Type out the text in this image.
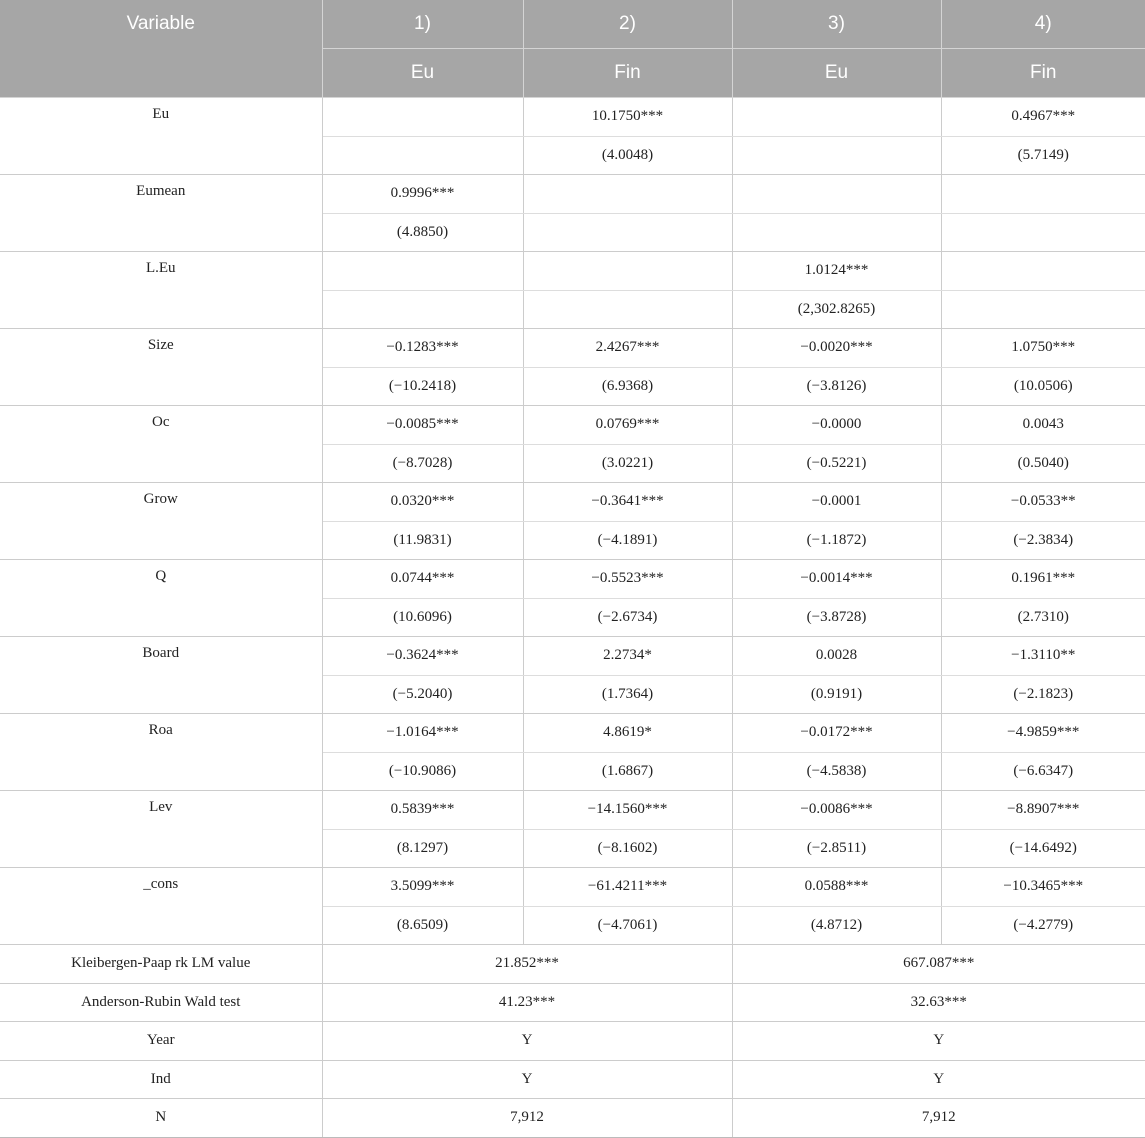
Variable	1)	2)	3)	4)
	Eu	Fin	Eu	Fin
Eu		10.1750***		0.4967***
		(4.0048)		(5.7149)
Eumean	0.9996***			
	(4.8850)			
L.Eu			1.0124***	
			(2,302.8265)	
Size	−0.1283***	2.4267***	−0.0020***	1.0750***
	(−10.2418)	(6.9368)	(−3.8126)	(10.0506)
Oc	−0.0085***	0.0769***	−0.0000	0.0043
	(−8.7028)	(3.0221)	(−0.5221)	(0.5040)
Grow	0.0320***	−0.3641***	−0.0001	−0.0533**
	(11.9831)	(−4.1891)	(−1.1872)	(−2.3834)
Q	0.0744***	−0.5523***	−0.0014***	0.1961***
	(10.6096)	(−2.6734)	(−3.8728)	(2.7310)
Board	−0.3624***	2.2734*	0.0028	−1.3110**
	(−5.2040)	(1.7364)	(0.9191)	(−2.1823)
Roa	−1.0164***	4.8619*	−0.0172***	−4.9859***
	(−10.9086)	(1.6867)	(−4.5838)	(−6.6347)
Lev	0.5839***	−14.1560***	−0.0086***	−8.8907***
	(8.1297)	(−8.1602)	(−2.8511)	(−14.6492)
_cons	3.5099***	−61.4211***	0.0588***	−10.3465***
	(8.6509)	(−4.7061)	(4.8712)	(−4.2779)
Kleibergen-Paap rk LM value	21.852***		667.087***	
Anderson-Rubin Wald test	41.23***		32.63***	
Year	Y		Y	
Ind	Y		Y	
N	7,912		7,912	
